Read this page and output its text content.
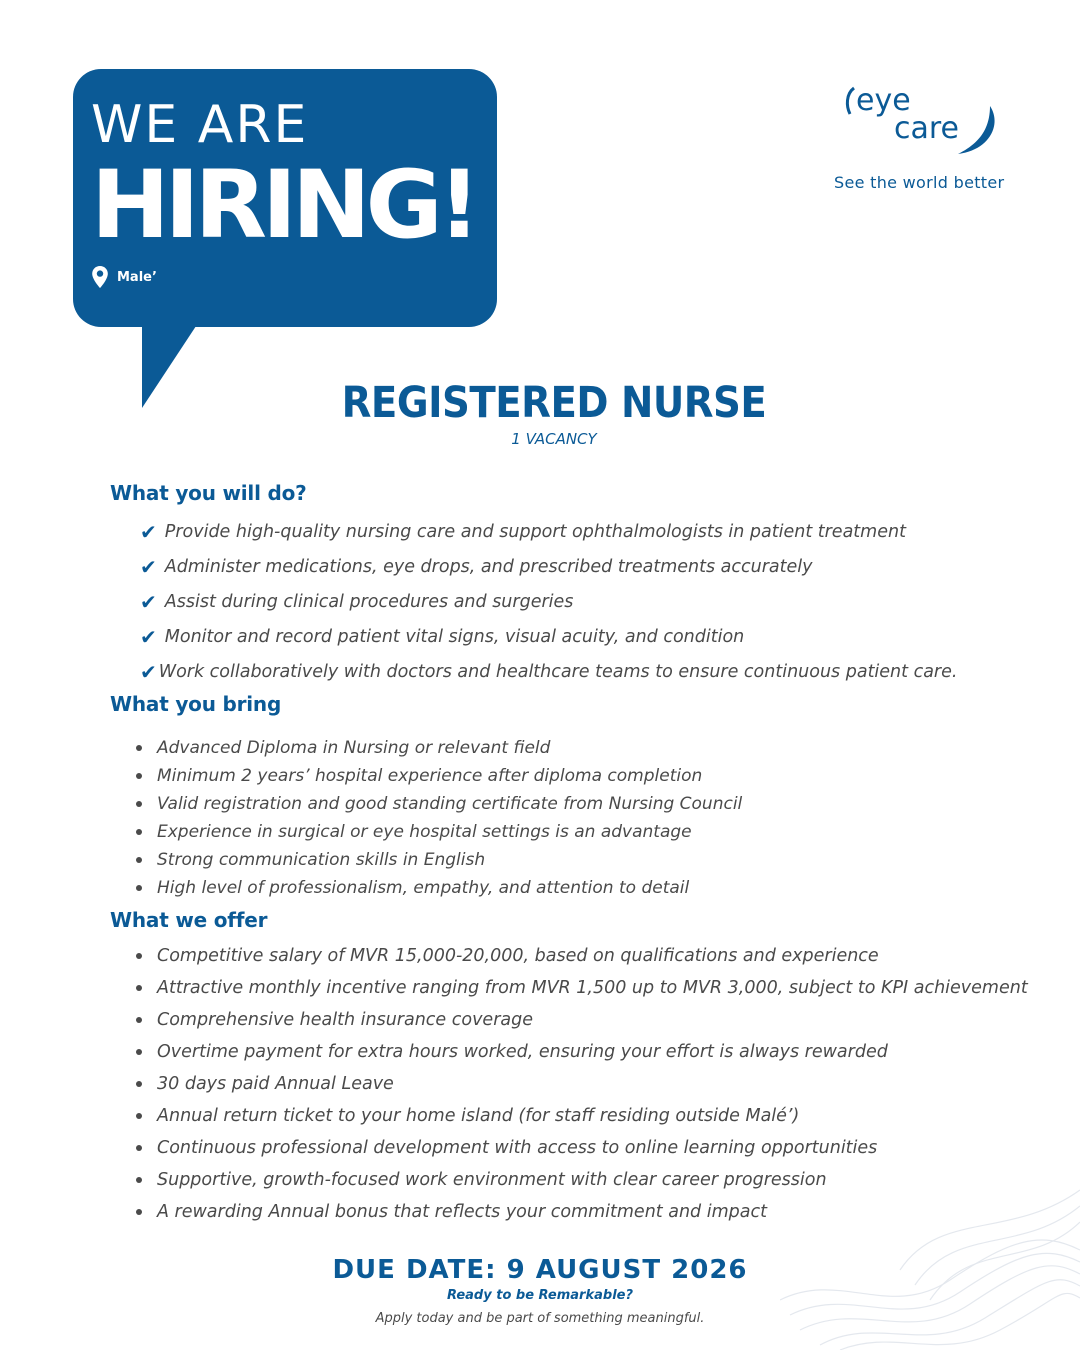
WE ARE
HIRING!
Male’
eye
care
See the world better
REGISTERED NURSE
1 VACANCY
What you will do?
✔ Provide high-quality nursing care and support ophthalmologists in patient treatment
✔ Administer medications, eye drops, and prescribed treatments accurately
✔ Assist during clinical procedures and surgeries
✔ Monitor and record patient vital signs, visual acuity, and condition
✔ Work collaboratively with doctors and healthcare teams to ensure continuous patient care.
What you bring
Advanced Diploma in Nursing or relevant field
Minimum 2 years’ hospital experience after diploma completion
Valid registration and good standing certificate from Nursing Council
Experience in surgical or eye hospital settings is an advantage
Strong communication skills in English
High level of professionalism, empathy, and attention to detail
What we offer
Competitive salary of MVR 15,000-20,000, based on qualifications and experience
Attractive monthly incentive ranging from MVR 1,500 up to MVR 3,000, subject to KPI achievement
Comprehensive health insurance coverage
Overtime payment for extra hours worked, ensuring your effort is always rewarded
30 days paid Annual Leave
Annual return ticket to your home island (for staff residing outside Malé’)
Continuous professional development with access to online learning opportunities
Supportive, growth-focused work environment with clear career progression
A rewarding Annual bonus that reflects your commitment and impact
DUE DATE: 9 AUGUST 2026
Ready to be Remarkable?
Apply today and be part of something meaningful.
